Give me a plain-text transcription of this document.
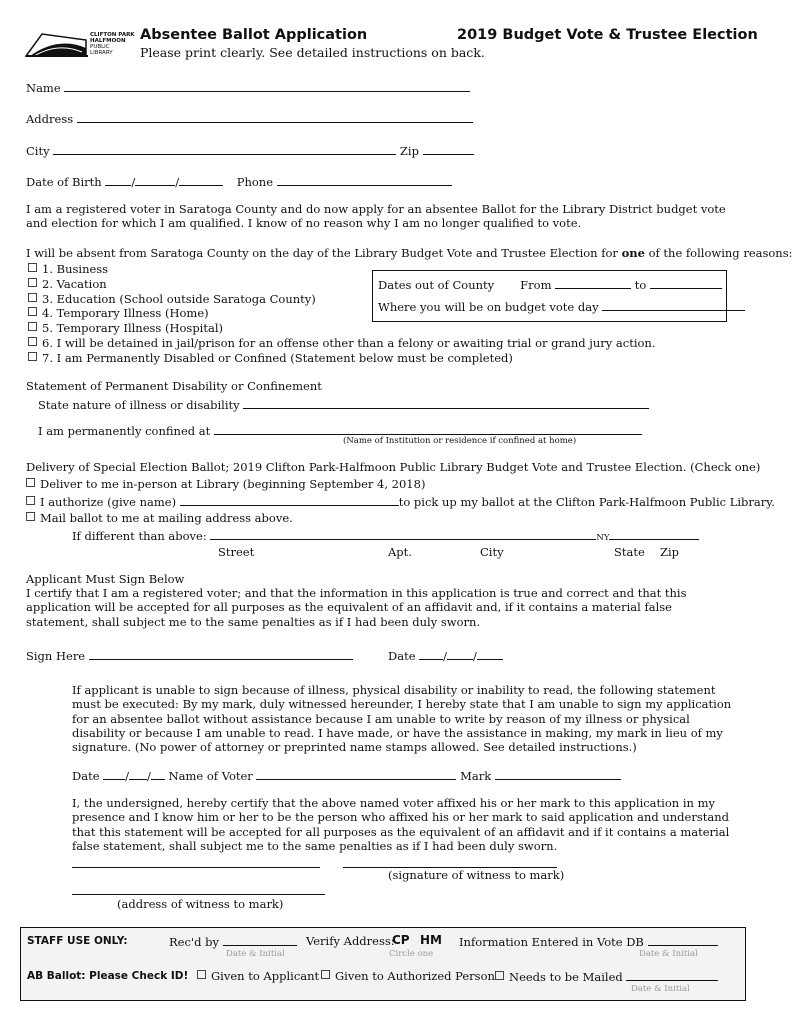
CLIFTON PARK
HALFMOON
PUBLIC
LIBRARY
Absentee Ballot Application	2019 Budget Vote & Trustee Election
Please print clearly. See detailed instructions on back.
Name
Address
City	Zip
Date of Birth	/	/	Phone
I am a registered voter in Saratoga County and do now apply for an absentee Ballot for the Library District budget vote and election for which I am qualified. I know of no reason why I am no longer qualified to vote.
I will be absent from Saratoga County on the day of the Library Budget Vote and Trustee Election for one of the following reasons:
1. Business
2. Vacation
3. Education (School outside Saratoga County)
4. Temporary Illness (Home)
5. Temporary Illness (Hospital)
6. I will be detained in jail/prison for an offense other than a felony or awaiting trial or grand jury action.
7. I am Permanently Disabled or Confined (Statement below must be completed)
Dates out of County From	to
Where you will be on budget vote day
Statement of Permanent Disability or Confinement
State nature of illness or disability
I am permanently confined at
(Name of Institution or residence if confined at home)
Delivery of Special Election Ballot; 2019 Clifton Park-Halfmoon Public Library Budget Vote and Trustee Election. (Check one)
Deliver to me in-person at Library (beginning September 4, 2018)
I authorize (give name)	to pick up my ballot at the Clifton Park-Halfmoon Public Library.
Mail ballot to me at mailing address above.
If different than above:	NY
Street	Apt.	City	State Zip
Applicant Must Sign Below
I certify that I am a registered voter; and that the information in this application is true and correct and that this application will be accepted for all purposes as the equivalent of an affidavit and, if it contains a material false statement, shall subject me to the same penalties as if I had been duly sworn.
Sign Here	Date / /
If applicant is unable to sign because of illness, physical disability or inability to read, the following statement
must be executed: By my mark, duly witnessed hereunder, I hereby state that I am unable to sign my application for an absentee ballot without assistance because I am unable to write by reason of my illness or physical disability or because I am unable to read. I have made, or have the assistance in making, my mark in lieu of my signature. (No power of attorney or preprinted name stamps allowed. See detailed instructions.)
Date / / Name of Voter	Mark
I, the undersigned, hereby certify that the above named voter affixed his or her mark to this application in my presence and I know him or her to be the person who affixed his or her mark to said application and understand that this statement will be accepted for all purposes as the equivalent of an affidavit and if it contains a material false statement, shall subject me to the same penalties as if I had been duly sworn.
(signature of witness to mark)
(address of witness to mark)
STAFF USE ONLY:	Rec'd by
Date & Initial
Verify Address:
CP HM
Circle one
Information Entered in Vote DB
Date & Initial
AB Ballot: Please Check ID!	Given to Applicant	Given to Authorized Person	Needs to be Mailed
Date & Initial
